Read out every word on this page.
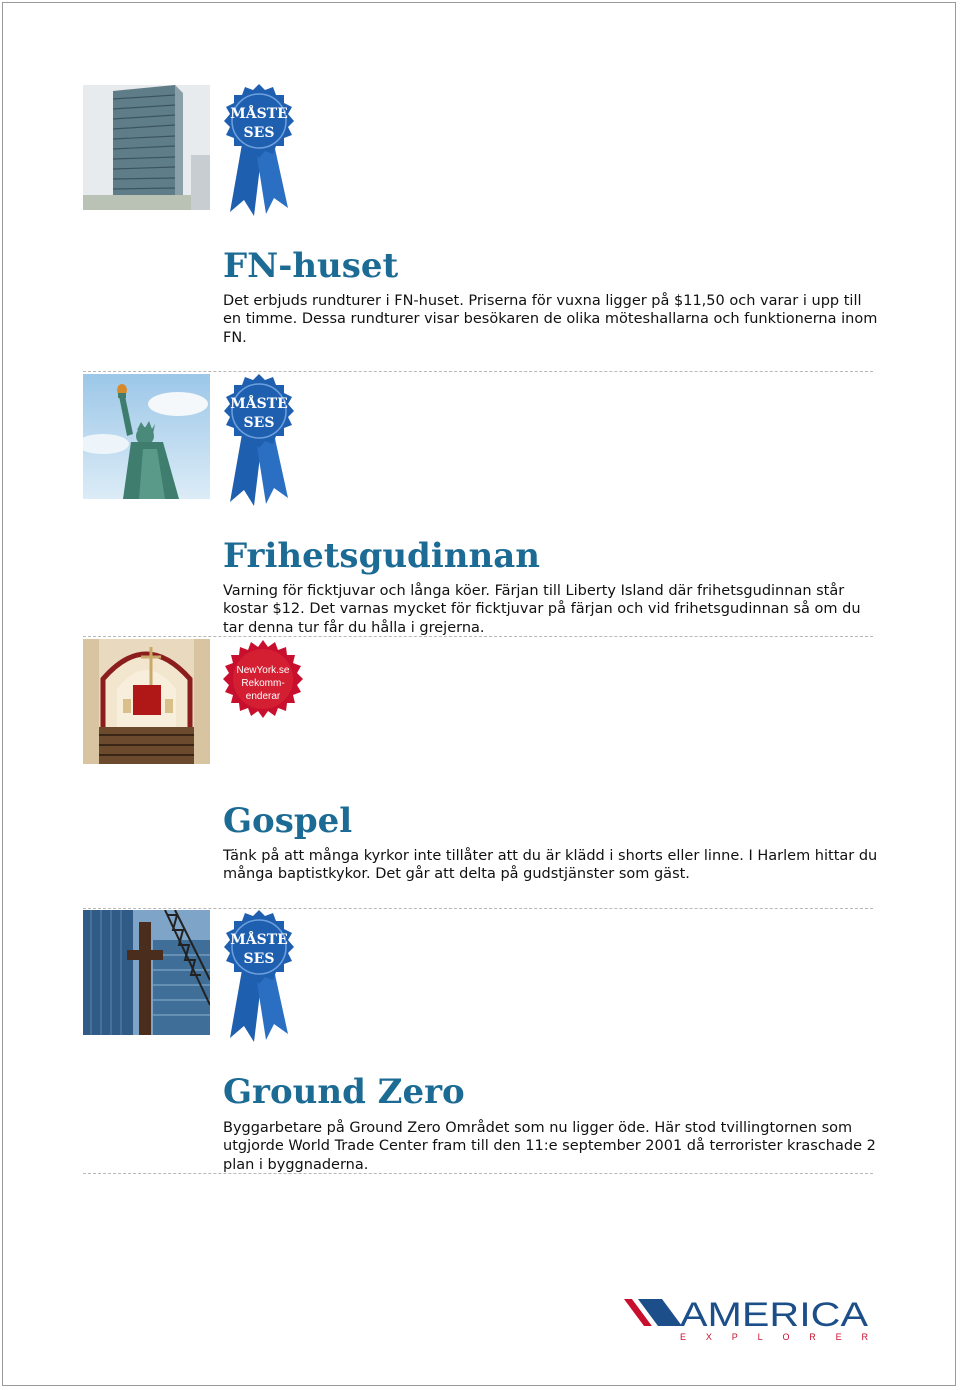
MÅSTE
SES
FN-huset

Det erbjuds rundturer i FN-huset. Priserna för vuxna ligger på $11,50 och varar i upp till en timme. Dessa rundturer visar besökaren de olika möteshallarna och funktionerna inom FN.

MÅSTE
SES
Frihetsgudinnan

Varning för ficktjuvar och långa köer. Färjan till Liberty Island där frihetsgudinnan står kostar $12. Det varnas mycket för ficktjuvar på färjan och vid frihetsgudinnan så om du tar denna tur får du hålla i grejerna.

NewYork.se
Rekomm-
enderar
Gospel

Tänk på att många kyrkor inte tillåter att du är klädd i shorts eller linne. I Harlem hittar du många baptistkykor. Det går att delta på gudstjänster som gäst.

MÅSTE
SES
Ground Zero

Byggarbetare på Ground Zero Området som nu ligger öde. Här stod tvillingtornen som utgjorde World Trade Center fram till den 11:e september 2001 då terrorister kraschade 2 plan i byggnaderna.

AMERICA
EXPLORER
